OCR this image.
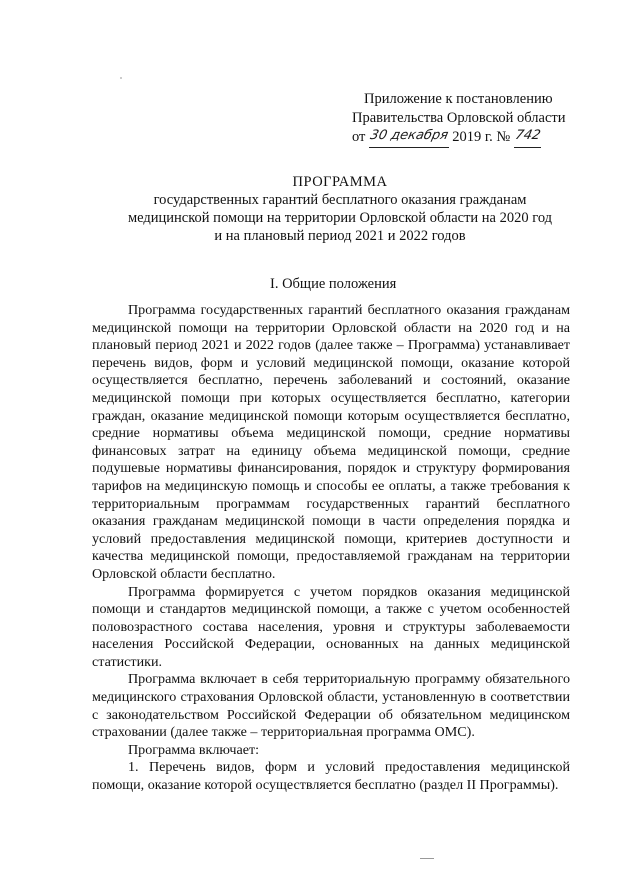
Приложение к постановлению
Правительства Орловской области
от 30 декабря 2019 г. № 742
ПРОГРАММА
государственных гарантий бесплатного оказания гражданам
медицинской помощи на территории Орловской области на 2020 год
и на плановый период 2021 и 2022 годов
I. Общие положения

Программа государственных гарантий бесплатного оказания гражданам медицинской помощи на территории Орловской области на 2020 год и на плановый период 2021 и 2022 годов (далее также – Программа) устанавливает перечень видов, форм и условий медицинской помощи, оказание которой осуществляется бесплатно, перечень заболеваний и состояний, оказание медицинской помощи при которых осуществляется бесплатно, категории граждан, оказание медицинской помощи которым осуществляется бесплатно, средние нормативы объема медицинской помощи, средние нормативы финансовых затрат на единицу объема медицинской помощи, средние подушевые нормативы финансирования, порядок и структуру формирования тарифов на медицинскую помощь и способы ее оплаты, а также требования к территориальным программам государственных гарантий бесплатного оказания гражданам медицинской помощи в части определения порядка и условий предоставления медицинской помощи, критериев доступности и качества медицинской помощи, предоставляемой гражданам на территории Орловской области бесплатно.

Программа формируется с учетом порядков оказания медицинской помощи и стандартов медицинской помощи, а также с учетом особенностей половозрастного состава населения, уровня и структуры заболеваемости населения Российской Федерации, основанных на данных медицинской статистики.

Программа включает в себя территориальную программу обязательного медицинского страхования Орловской области, установленную в соответствии с законодательством Российской Федерации об обязательном медицинском страховании (далее также – территориальная программа ОМС).

Программа включает:

1. Перечень видов, форм и условий предоставления медицинской помощи, оказание которой осуществляется бесплатно (раздел II Программы).
